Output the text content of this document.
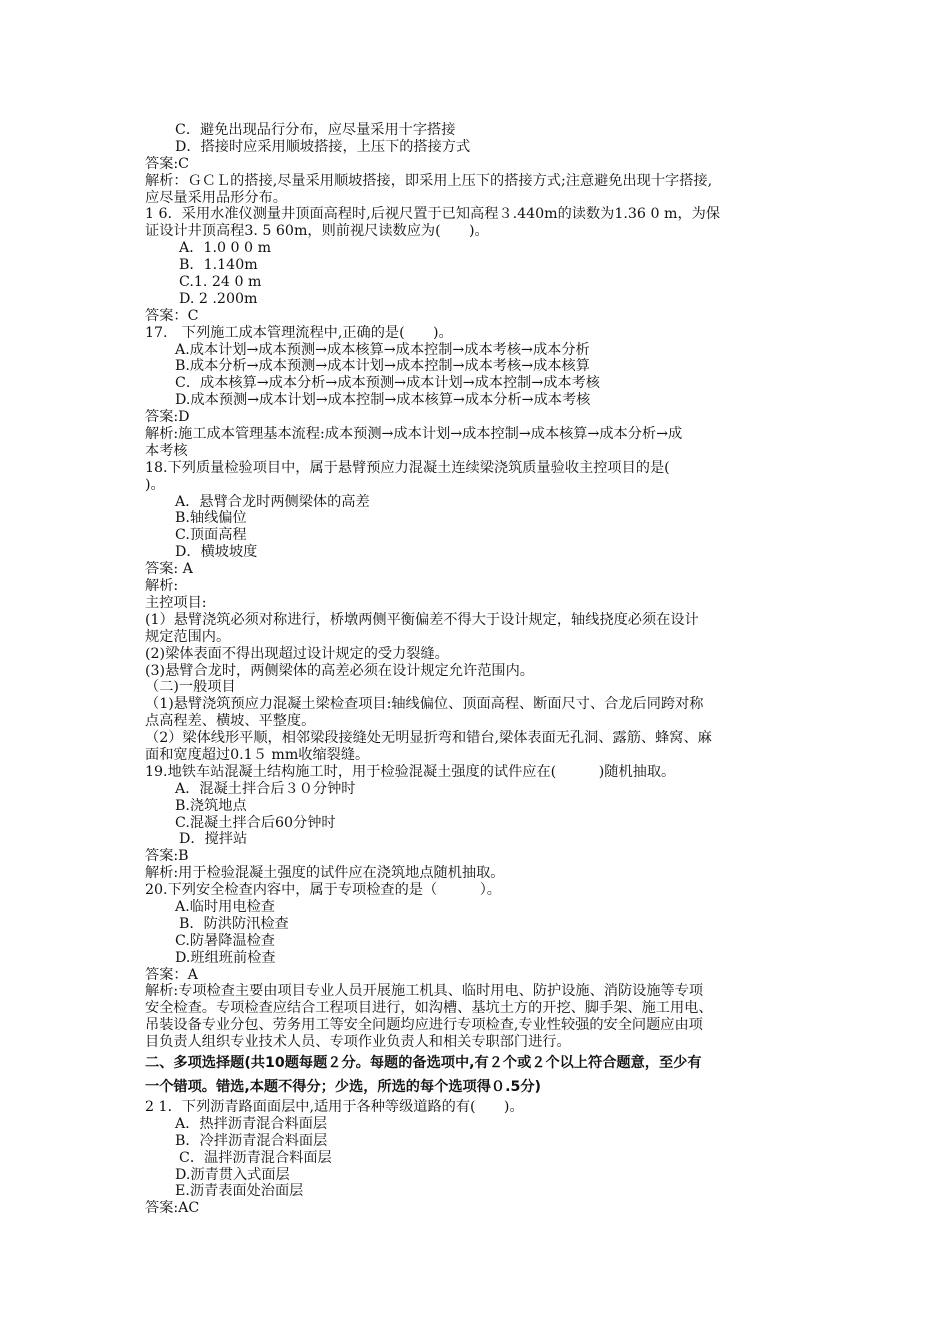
C．避免出现品行分布，应尽量采用十字搭接
D．搭接时应采用顺坡搭接，上压下的搭接方式
答案:C
解析：ＧＣＬ的搭接,尽量采用顺坡搭接，即采用上压下的搭接方式;注意避免出现十字搭接,
应尽量采用品形分布。
1 6．采用水准仪测量井顶面高程时,后视尺置于已知高程３.440m的读数为1.36 0 m，为保
证设计井顶高程3. 5 60m，则前视尺读数应为(　　)。
A．1.0 0 0 m
B．1.140m
C.1. 24 0 m
D. 2 .200m
答案：C
17.　下列施工成本管理流程中,正确的是(　　)。
A.成本计划→成本预测→成本核算→成本控制→成本考核→成本分析
B.成本分析→成本预测→成本计划→成本控制→成本考核→成本核算
C．成本核算→成本分析→成本预测→成本计划→成本控制→成本考核
D.成本预测→成本计划→成本控制→成本核算→成本分析→成本考核
答案:D
解析:施工成本管理基本流程:成本预测→成本计划→成本控制→成本核算→成本分析→成
本考核
18.下列质量检验项目中，属于悬臂预应力混凝土连续梁浇筑质量验收主控项目的是(
)。
A．悬臂合龙时两侧梁体的高差
B.轴线偏位
C.顶面高程
D．横坡坡度
答案: A
解析:
主控项目:
(1）悬臂浇筑必须对称进行，桥墩两侧平衡偏差不得大于设计规定，轴线挠度必须在设计
规定范围内。
(2)梁体表面不得出现超过设计规定的受力裂缝。
(3)悬臂合龙时，两侧梁体的高差必须在设计规定允许范围内。
（二)一般项目
（1)悬臂浇筑预应力混凝土梁检查项目:轴线偏位、顶面高程、断面尺寸、合龙后同跨对称
点高程差、横坡、平整度。
（2）梁体线形平顺，相邻梁段接缝处无明显折弯和错台,梁体表面无孔洞、露筋、蜂窝、麻
面和宽度超过0.1５ mm收缩裂缝。
19.地铁车站混凝土结构施工时，用于检验混凝土强度的试件应在(　　　)随机抽取。
A．混凝土拌合后３０分钟时
B.浇筑地点
C.混凝土拌合后60分钟时
D．搅拌站
答案:B
解析:用于检验混凝土强度的试件应在浇筑地点随机抽取。
20.下列安全检查内容中，属于专项检查的是（　　　）。
A.临时用电检查
B．防洪防汛检查
C.防暑降温检查
D.班组班前检查
答案：A
解析:专项检查主要由项目专业人员开展施工机具、临时用电、防护设施、消防设施等专项
安全检查。专项检查应结合工程项目进行，如沟槽、基坑土方的开挖、脚手架、施工用电、
吊装设备专业分包、劳务用工等安全问题均应进行专项检查,专业性较强的安全问题应由项
目负责人组织专业技术人员、专项作业负责人和相关专职部门进行。
二、多项选择题(共10题每题２分。每题的备选项中,有２个或２个以上符合题意，至少有
一个错项。错选,本题不得分；少选，所选的每个选项得０.5分)
2 1．下列沥青路面面层中,适用于各种等级道路的有(　　)。
A．热拌沥青混合料面层
B．冷拌沥青混合料面层
C．温拌沥青混合料面层
D.沥青贯入式面层
E.沥青表面处治面层
答案:AC
